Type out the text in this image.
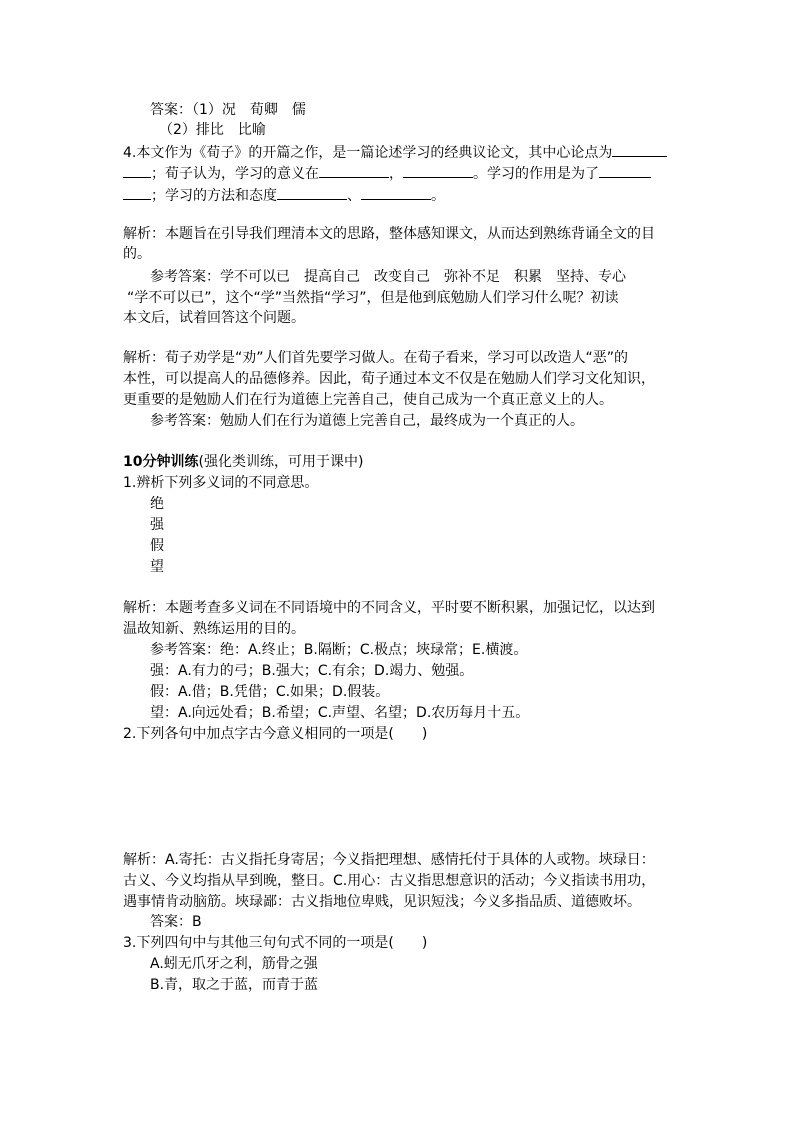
答案：（1）况　荀卿　儒

（2）排比　比喻

4.本文作为《荀子》的开篇之作，是一篇论述学习的经典议论文，其中心论点为

；荀子认为，学习的意义在	，	。学习的作用是为了

；学习的方法和态度	、	。

解析：本题旨在引导我们理清本文的思路，整体感知课文，从而达到熟练背诵全文的目

的。

参考答案：学不可以已　提高自己　改变自己　弥补不足　积累　坚持、专心

“学不可以已”，这个“学”当然指“学习”，但是他到底勉励人们学习什么呢？初读

本文后，试着回答这个问题。

解析：荀子劝学是“劝”人们首先要学习做人。在荀子看来，学习可以改造人“恶”的

本性，可以提高人的品德修养。因此，荀子通过本文不仅是在勉励人们学习文化知识，

更重要的是勉励人们在行为道德上完善自己，使自己成为一个真正意义上的人。

参考答案：勉励人们在行为道德上完善自己，最终成为一个真正的人。

10分钟训练(强化类训练，可用于课中)

1.辨析下列多义词的不同意思。

绝

强

假

望

解析：本题考查多义词在不同语境中的不同含义，平时要不断积累，加强记忆，以达到

温故知新、熟练运用的目的。

参考答案：绝：A.终止；B.隔断；C.极点；埉琭常；E.横渡。

强：A.有力的弓；B.强大；C.有余；D.竭力、勉强。

假：A.借；B.凭借；C.如果；D.假装。

望：A.向远处看；B.希望；C.声望、名望；D.农历每月十五。

2.下列各句中加点字古今意义相同的一项是(　　)

解析：A.寄托：古义指托身寄居；今义指把理想、感情托付于具体的人或物。埉琭日：

古义、今义均指从早到晚，整日。C.用心：古义指思想意识的活动；今义指读书用功，

遇事情肯动脑筋。埉琭鄙：古义指地位卑贱，见识短浅；今义多指品质、道德败坏。

答案：B

3.下列四句中与其他三句句式不同的一项是(　　)

A.蚓无爪牙之利，筋骨之强

B.青，取之于蓝，而青于蓝
